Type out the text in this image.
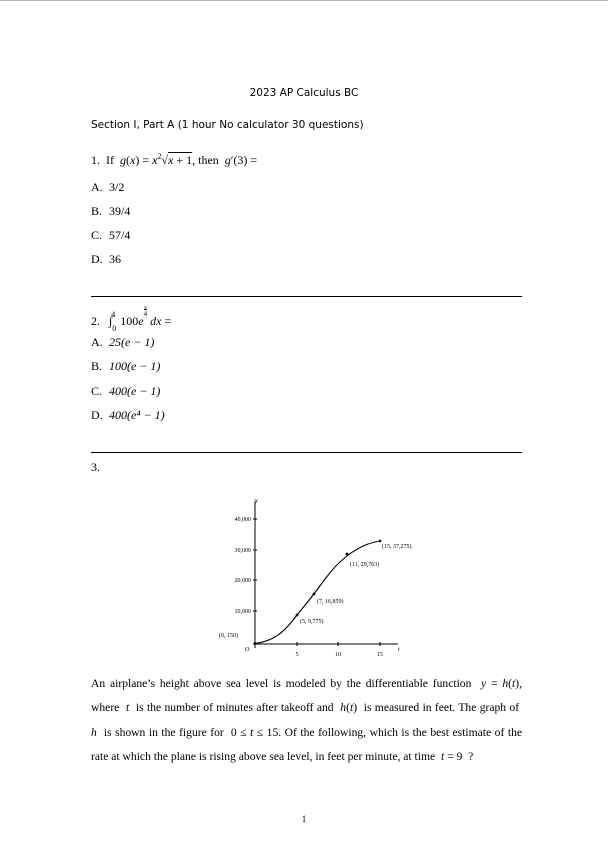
2023 AP Calculus BC
Section I, Part A (1 hour No calculator 30 questions)
1.  If  $g(x) = x^2√x + 1$, then  g′(3) =
A. 3/2
B. 39/4
C. 57/4
D. 36
2.   $\int_0^4$ $100e^{x 4}$ dx =
A. 25(e − 1)
B. 100(e − 1)
C. 400(e − 1)
D. 400(e⁴ − 1)
3.
y
t
O
40,000
30,000
20,000
10,000
5	10	15
(0, 150)
(5, 9,775)
(7, 16,859)
(11, 29,763)
(15, 37,275)
An airplane’s height above sea level is modeled by the differentiable function  y = h(t), where  t  is the number of minutes after takeoff and  h(t)  is measured in feet. The graph of  h  is shown in the figure for  0 ≤ t ≤ 15. Of the following, which is the best estimate of the rate at which the plane is rising above sea level, in feet per minute, at time  t = 9  ?
1
